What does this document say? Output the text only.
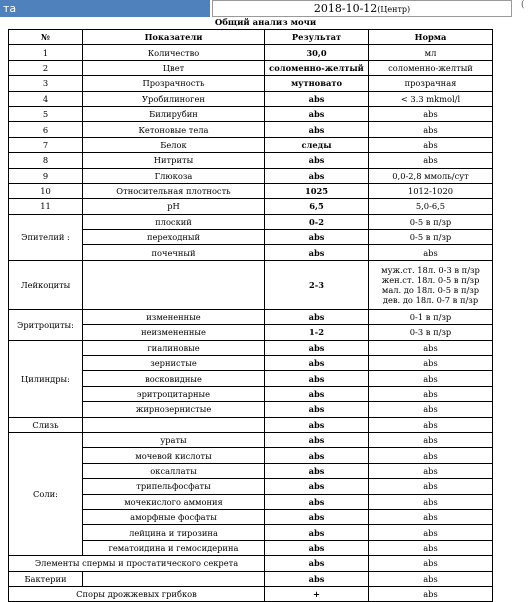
та	2018-10-12(Центр)	(
Общий анализ мочи
№	Показатели	Результат	Норма
1	Количество	30,0	мл
2	Цвет	соломенно-желтый	соломенно-желтый
3	Прозрачность	мутновато	прозрачная
4	Уробилиноген	abs	< 3.3 mkmol/l
5	Билирубин	abs	abs
6	Кетоновые тела	abs	abs
7	Белок	следы	abs
8	Нитриты	abs	abs
9	Глюкоза	abs	0,0-2,8 ммоль/сут
10	Относительная плотность	1025	1012-1020
11	pH	6,5	5,0-6,5
Эпителий :	плоский	0-2	0-5 в п/зр
	переходный	abs	0-5 в п/зр
	почечный	abs	abs
Лейкоциты		2-3	муж.ст. 18л. 0-3 в п/зр
жен.ст. 18л. 0-5 в п/зр
мал. до 18л. 0-5 в п/зр
дев. до 18л. 0-7 в п/зр

Эритроциты:	измененные	abs	0-1 в п/зр
	неизмененные	1-2	0-3 в п/зр
Цилиндры:	гиалиновые	abs	abs
	зернистые	abs	abs
	восковидные	abs	abs
	эритроцитарные	abs	abs
	жирнозернистые	abs	abs
Слизь		abs	abs
Соли:	ураты	abs	abs
	мочевой кислоты	abs	abs
	оксаллаты	abs	abs
	трипельфосфаты	abs	abs
	мочекислого аммония	abs	abs
	аморфные фосфаты	abs	abs
	лейцина и тирозина	abs	abs
	гематоидина и гемосидерина	abs	abs
Элементы спермы и простатического секрета		abs	abs
Бактерии		abs	abs
Споры дрожжевых грибков		+	abs
